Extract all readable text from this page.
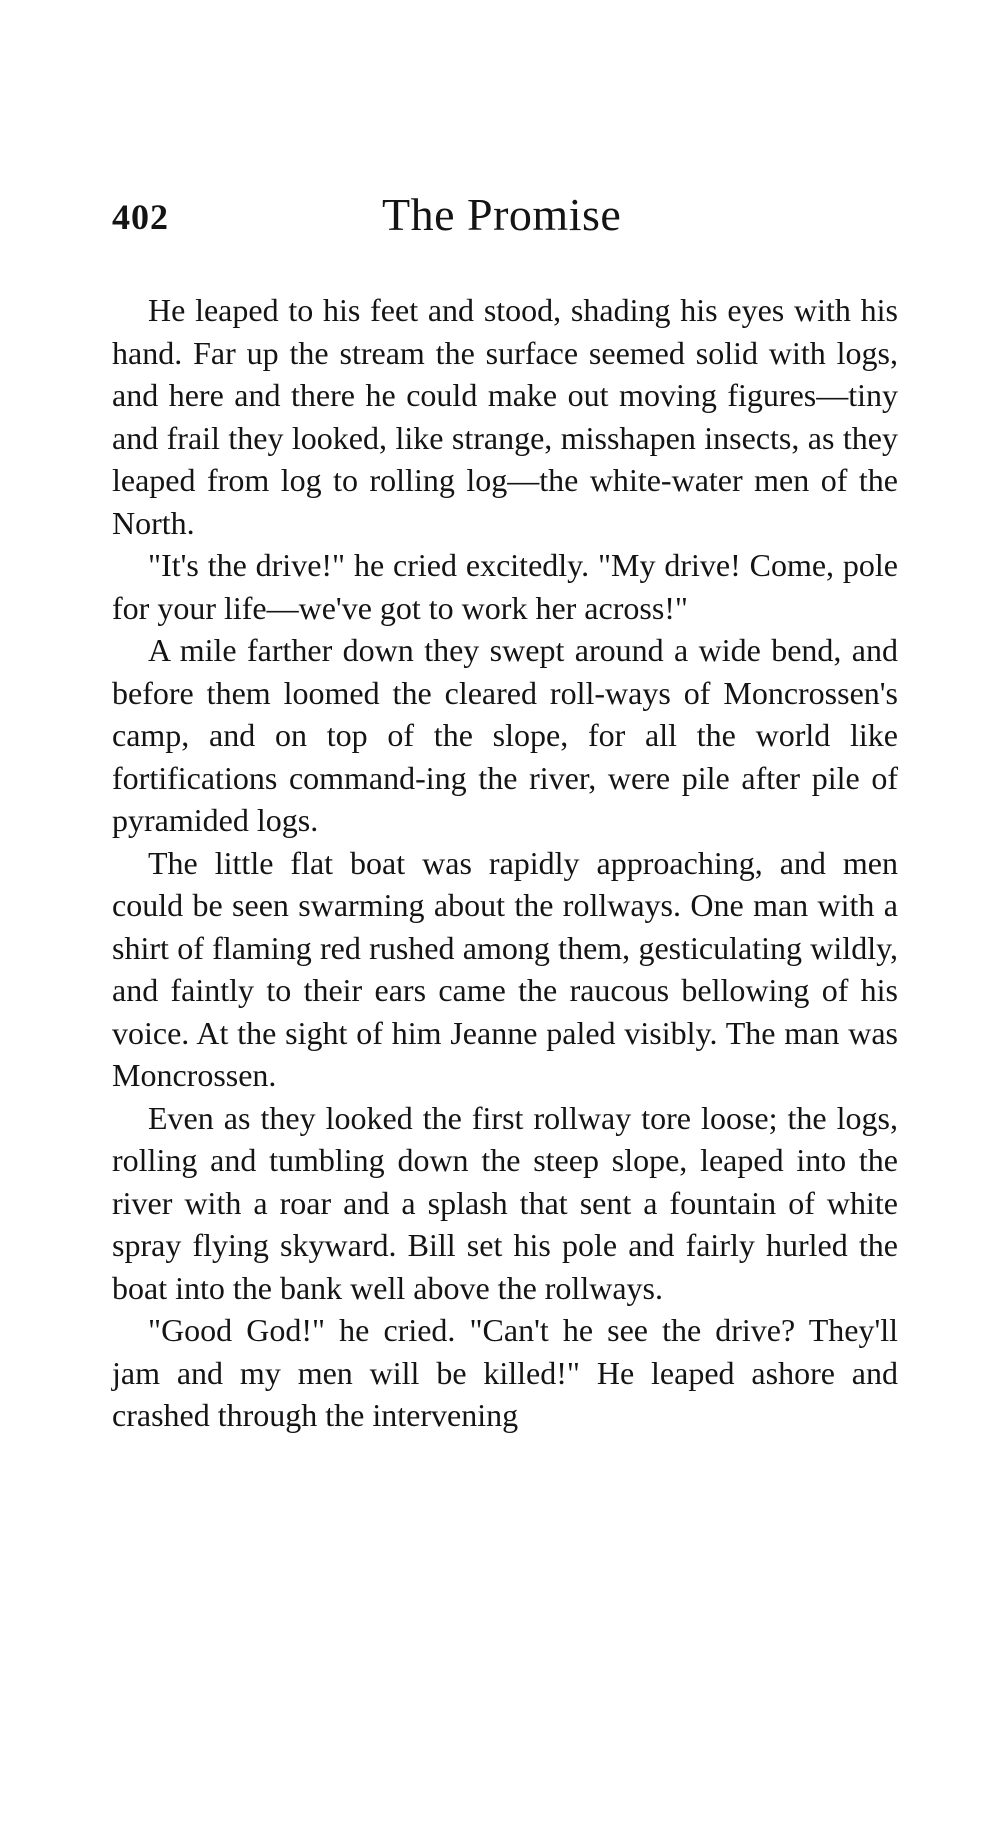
402	The Promise

He leaped to his feet and stood, shading his eyes with his hand. Far up the stream the surface seemed solid with logs, and here and there he could make out moving figures—tiny and frail they looked, like strange, misshapen insects, as they leaped from log to rolling log—the white-water men of the North.

"It's the drive!" he cried excitedly. "My drive! Come, pole for your life—we've got to work her across!"

A mile farther down they swept around a wide bend, and before them loomed the cleared roll-ways of Moncrossen's camp, and on top of the slope, for all the world like fortifications command-ing the river, were pile after pile of pyramided logs.

The little flat boat was rapidly approaching, and men could be seen swarming about the rollways. One man with a shirt of flaming red rushed among them, gesticulating wildly, and faintly to their ears came the raucous bellowing of his voice. At the sight of him Jeanne paled visibly. The man was Moncrossen.

Even as they looked the first rollway tore loose; the logs, rolling and tumbling down the steep slope, leaped into the river with a roar and a splash that sent a fountain of white spray flying skyward. Bill set his pole and fairly hurled the boat into the bank well above the rollways.

"Good God!" he cried. "Can't he see the drive? They'll jam and my men will be killed!" He leaped ashore and crashed through the intervening
